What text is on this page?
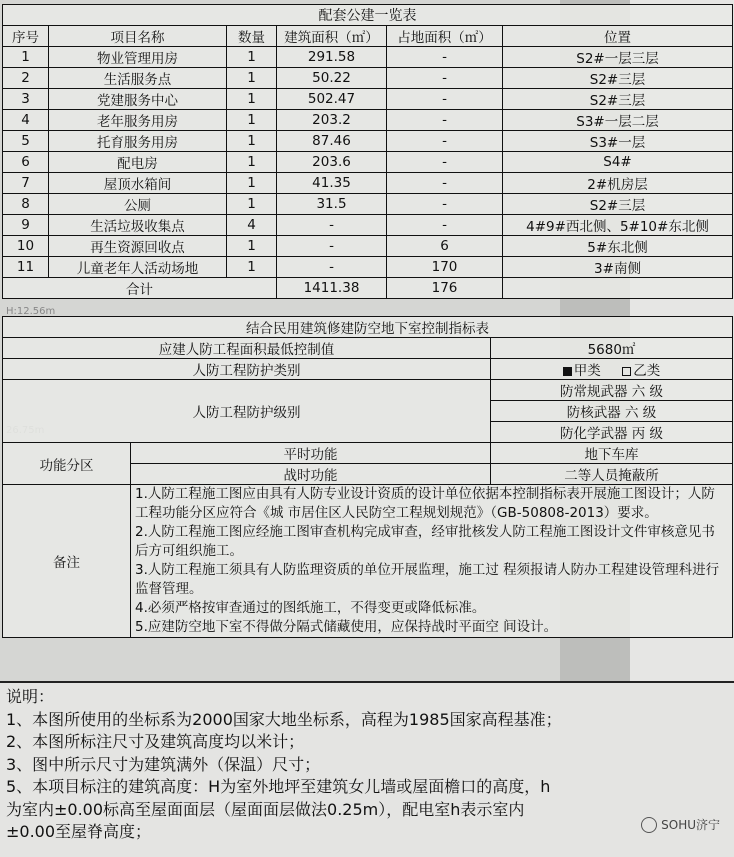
H:12.56m
配套公建一览表					
序号	项目名称	数量	建筑面积（㎡）	占地面积（㎡）	位置
1	物业管理用房	1	291.58	-	S2#一层三层
2	生活服务点	1	50.22	-	S2#三层
3	党建服务中心	1	502.47	-	S2#三层
4	老年服务用房	1	203.2	-	S3#一层二层
5	托育服务用房	1	87.46	-	S3#一层
6	配电房	1	203.6	-	S4#
7	屋顶水箱间	1	41.35	-	2#机房层
8	公厕	1	31.5	-	S2#三层
9	生活垃圾收集点	4	-	-	4#9#西北侧、5#10#东北侧
10	再生资源回收点	1	-	6	5#东北侧
11	儿童老年人活动场地	1	-	170	3#南侧
合计			1411.38	176	
结合民用建筑修建防空地下室控制指标表		
应建人防工程面积最低控制值		5680㎡
人防工程防护类别		甲类 乙类
人防工程防护级别		防常规武器 六 级
		防核武器 六 级
		防化学武器 丙 级
功能分区	平时功能	地下车库
	战时功能	二等人员掩蔽所
备注	1.人防工程施工图应由具有人防专业设计资质的设计单位依据本控制指标表开展施工图设计；人防工程功能分区应符合《城 市居住区人民防空工程规划规范》（GB-50808-2013）要求。
2.人防工程施工图应经施工图审查机构完成审查，经审批核发人防工程施工图设计文件审核意见书后方可组织施工。
3.人防工程施工须具有人防监理资质的单位开展监理，施工过 程须报请人防办工程建设管理科进行监督管理。
4.必须严格按审查通过的图纸施工，不得变更或降低标准。
5.应建防空地下室不得做分隔式储藏使用，应保持战时平面空 间设计。	
说明：
1、本图所使用的坐标系为2000国家大地坐标系，高程为1985国家高程基准；
2、本图所标注尺寸及建筑高度均以米计；
3、图中所示尺寸为建筑满外（保温）尺寸；
5、本项目标注的建筑高度：H为室外地坪至建筑女儿墙或屋面檐口的高度，h
为室内±0.00标高至屋面面层（屋面面层做法0.25m），配电室h表示室内
±0.00至屋脊高度；	SOHU济宁
